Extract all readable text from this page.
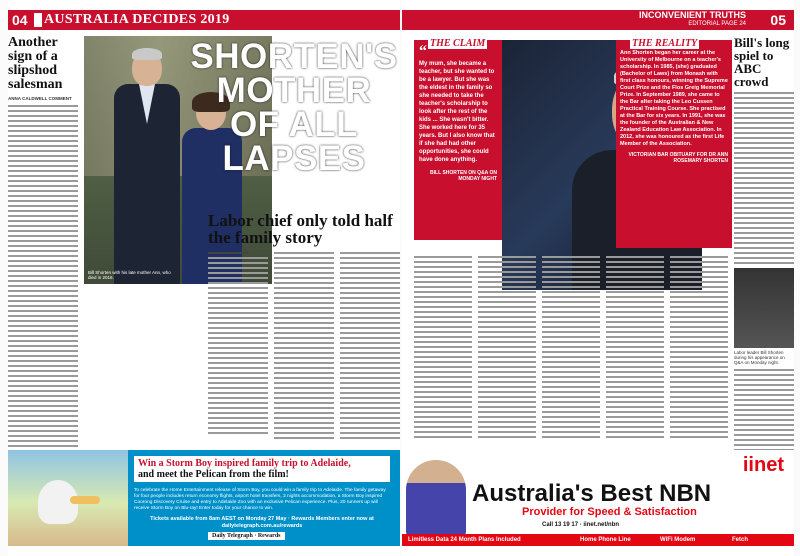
04 AUSTRALIA DECIDES 2019
Another sign of a slipshod salesman
ANNA CALDWELL COMMENT
Bill Shorten with his late mother Ann, who died in 2016.
SHORTEN'S
MOTHER
OF ALL
LAPSES
Labor chief only told half the family story
Win a Storm Boy inspired family trip to Adelaide,
and meet the Pelican from the film!
To celebrate the Home Entertainment release of Storm Boy, you could win a family trip to Adelaide. The family getaway for four people includes return economy flights, airport hotel transfers, 3 nights accommodation, a Storm Boy inspired Coorong Discovery Cruise and entry to Adelaide Zoo with an exclusive Pelican experience. Plus, 20 runners up will receive Storm Boy on Blu-ray! Enter today for your chance to win.
Tickets available from 8am AEST on Monday 27 May · Rewards Members enter now at dailytelegraph.com.au/rewards
Daily Telegraph · Rewards
INCONVENIENT TRUTHS
EDITORIAL PAGE 24 05
THE CLAIM
“
My mum, she became a teacher, but she wanted to be a lawyer. But she was the eldest in the family so she needed to take the teacher's scholarship to look after the rest of the kids ... She wasn't bitter. She worked here for 35 years. But I also know that if she had had other opportunities, she could have done anything.
BILL SHORTEN ON Q&A ON MONDAY NIGHT
THE REALITY
Ann Shorten began her career at the University of Melbourne on a teacher's scholarship. In 1985, (she) graduated (Bachelor of Laws) from Monash with first class honours, winning the Supreme Court Prize and the Flos Greig Memorial Prize. In September 1989, she came to the Bar after taking the Leo Cussen Practical Training Course. She practised at the Bar for six years. In 1991, she was the founder of the Australian & New Zealand Education Law Association. In 2012, she was honoured as the first Life Member of the Association.
VICTORIAN BAR OBITUARY FOR DR ANN ROSEMARY SHORTEN
Bill's long spiel to ABC crowd
Labor leader Bill Shorten during his appearance on Q&A on Monday night.
iinet
Australia's Best NBN
Provider for Speed & Satisfaction
Call 13 19 17 · iinet.net/nbn
Limitless Data 24 Month Plans Included	Home Phone Line	WiFi Modem	Fetch
